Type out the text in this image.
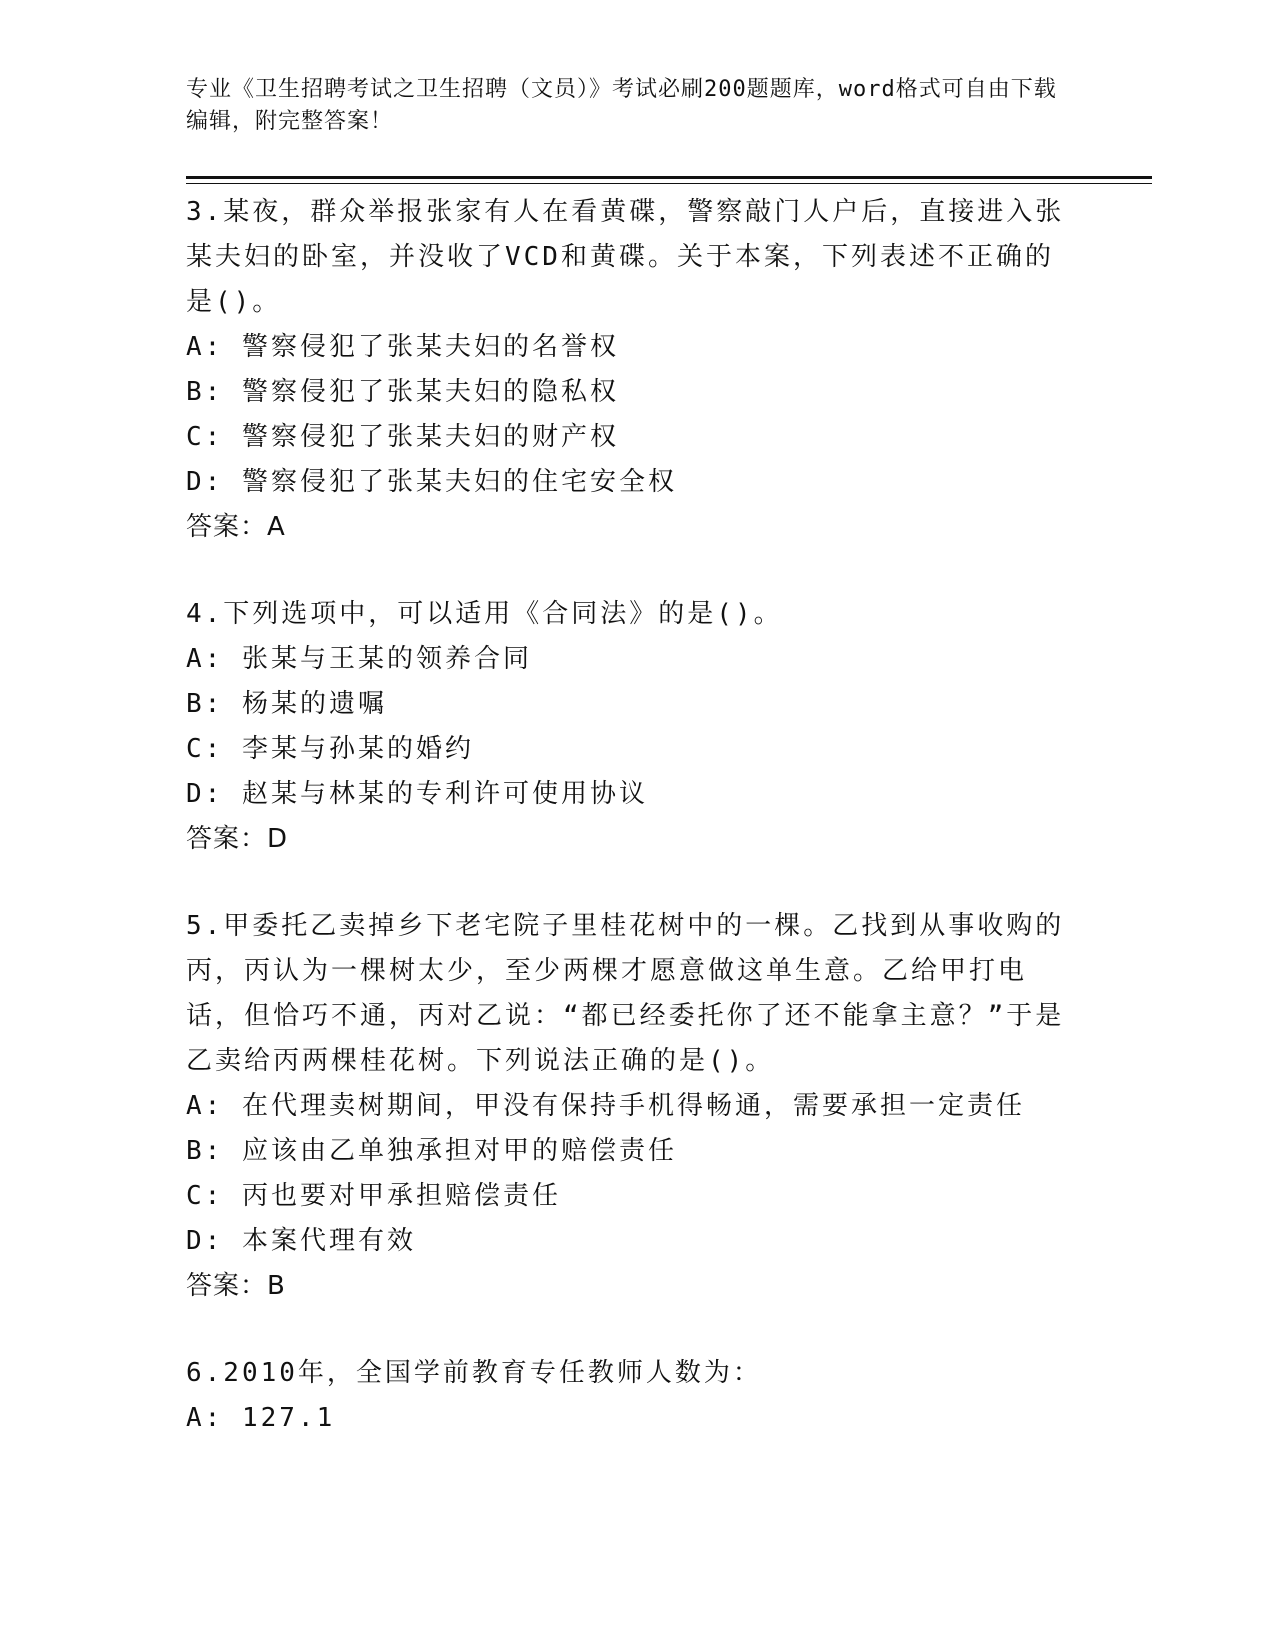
专业《卫生招聘考试之卫生招聘（文员）》考试必刷200题题库，word格式可自由下载编辑，附完整答案！

3.某夜，群众举报张家有人在看黄碟，警察敲门人户后，直接进入张某夫妇的卧室，并没收了VCD和黄碟。关于本案，下列表述不正确的是()。

A: 警察侵犯了张某夫妇的名誉权

B: 警察侵犯了张某夫妇的隐私权

C: 警察侵犯了张某夫妇的财产权

D: 警察侵犯了张某夫妇的住宅安全权

答案：A

4.下列选项中，可以适用《合同法》的是()。

A: 张某与王某的领养合同

B: 杨某的遗嘱

C: 李某与孙某的婚约

D: 赵某与林某的专利许可使用协议

答案：D

5.甲委托乙卖掉乡下老宅院子里桂花树中的一棵。乙找到从事收购的丙，丙认为一棵树太少，至少两棵才愿意做这单生意。乙给甲打电话，但恰巧不通，丙对乙说：“都已经委托你了还不能拿主意？”于是乙卖给丙两棵桂花树。下列说法正确的是()。

A: 在代理卖树期间，甲没有保持手机得畅通，需要承担一定责任

B: 应该由乙单独承担对甲的赔偿责任

C: 丙也要对甲承担赔偿责任

D: 本案代理有效

答案：B

6.2010年，全国学前教育专任教师人数为：

A: 127.1
